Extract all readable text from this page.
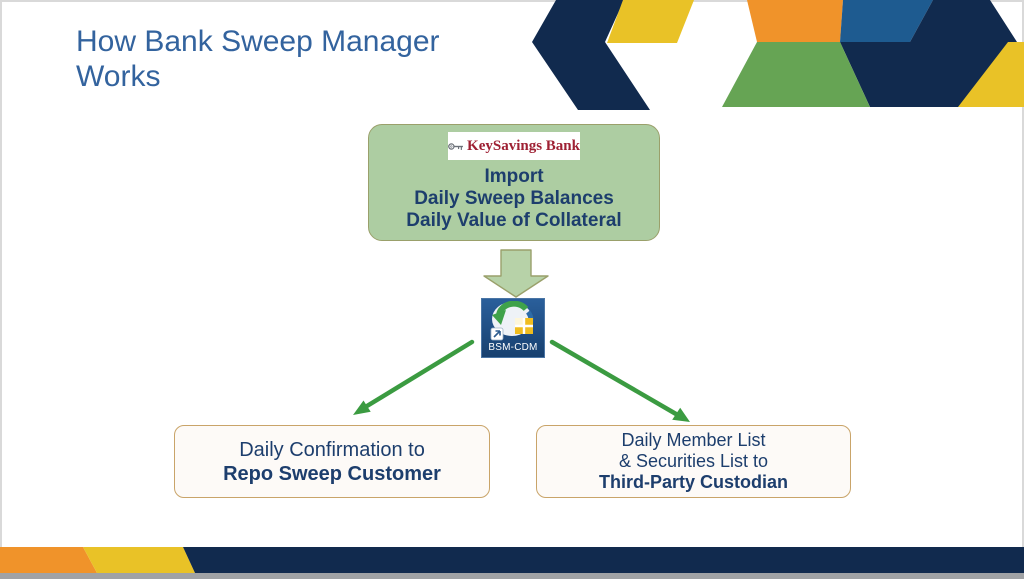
How Bank Sweep Manager
Works
KeySavings Bank
Import
Daily Sweep Balances
Daily Value of Collateral
BSM-CDM
Daily Confirmation to
Repo Sweep Customer
Daily Member List
& Securities List to
Third-Party Custodian
